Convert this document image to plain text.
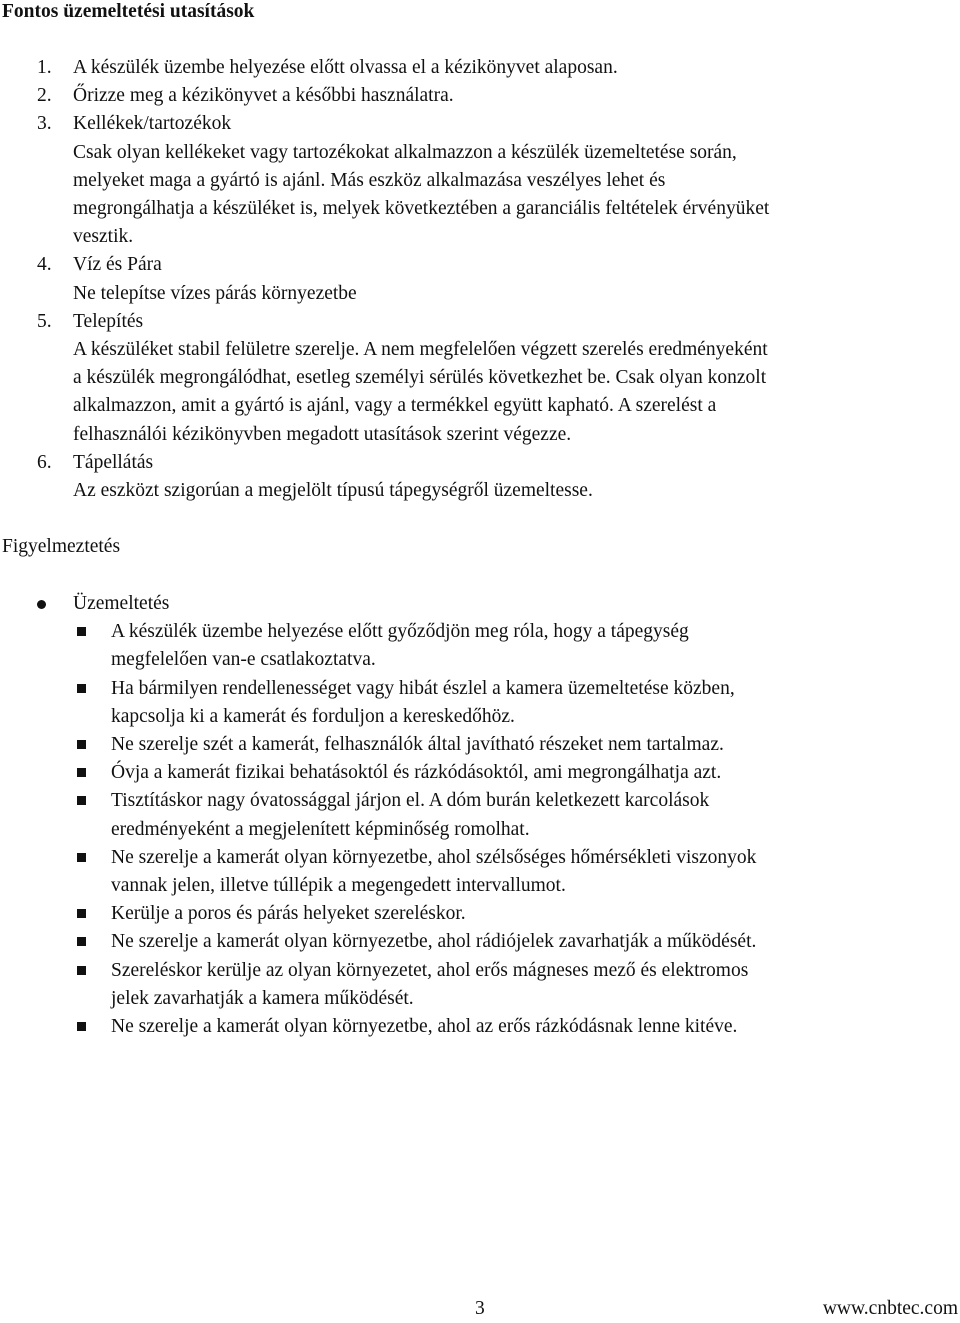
Fontos üzemeltetési utasítások
1. A készülék üzembe helyezése előtt olvassa el a kézikönyvet alaposan.
2. Őrizze meg a kézikönyvet a későbbi használatra.
3. Kellékek/tartozékok
Csak olyan kellékeket vagy tartozékokat alkalmazzon a készülék üzemeltetése során,
melyeket maga a gyártó is ajánl. Más eszköz alkalmazása veszélyes lehet és
megrongálhatja a készüléket is, melyek következtében a garanciális feltételek érvényüket
vesztik.
4. Víz és Pára
Ne telepítse vízes párás környezetbe
5. Telepítés
A készüléket stabil felületre szerelje. A nem megfelelően végzett szerelés eredményeként
a készülék megrongálódhat, esetleg személyi sérülés következhet be. Csak olyan konzolt
alkalmazzon, amit a gyártó is ajánl, vagy a termékkel együtt kapható. A szerelést a
felhasználói kézikönyvben megadott utasítások szerint végezze.
6. Tápellátás
Az eszközt szigorúan a megjelölt típusú tápegységről üzemeltesse.
Figyelmeztetés
Üzemeltetés
A készülék üzembe helyezése előtt győződjön meg róla, hogy a tápegység
megfelelően van-e csatlakoztatva.
Ha bármilyen rendellenességet vagy hibát észlel a kamera üzemeltetése közben,
kapcsolja ki a kamerát és forduljon a kereskedőhöz.
Ne szerelje szét a kamerát, felhasználók által javítható részeket nem tartalmaz.
Óvja a kamerát fizikai behatásoktól és rázkódásoktól, ami megrongálhatja azt.
Tisztításkor nagy óvatossággal járjon el. A dóm burán keletkezett karcolások
eredményeként a megjelenített képminőség romolhat.
Ne szerelje a kamerát olyan környezetbe, ahol szélsőséges hőmérsékleti viszonyok
vannak jelen, illetve túllépik a megengedett intervallumot.
Kerülje a poros és párás helyeket szereléskor.
Ne szerelje a kamerát olyan környezetbe, ahol rádiójelek zavarhatják a működését.
Szereléskor kerülje az olyan környezetet, ahol erős mágneses mező és elektromos
jelek zavarhatják a kamera működését.
Ne szerelje a kamerát olyan környezetbe, ahol az erős rázkódásnak lenne kitéve.
3	www.cnbtec.com
